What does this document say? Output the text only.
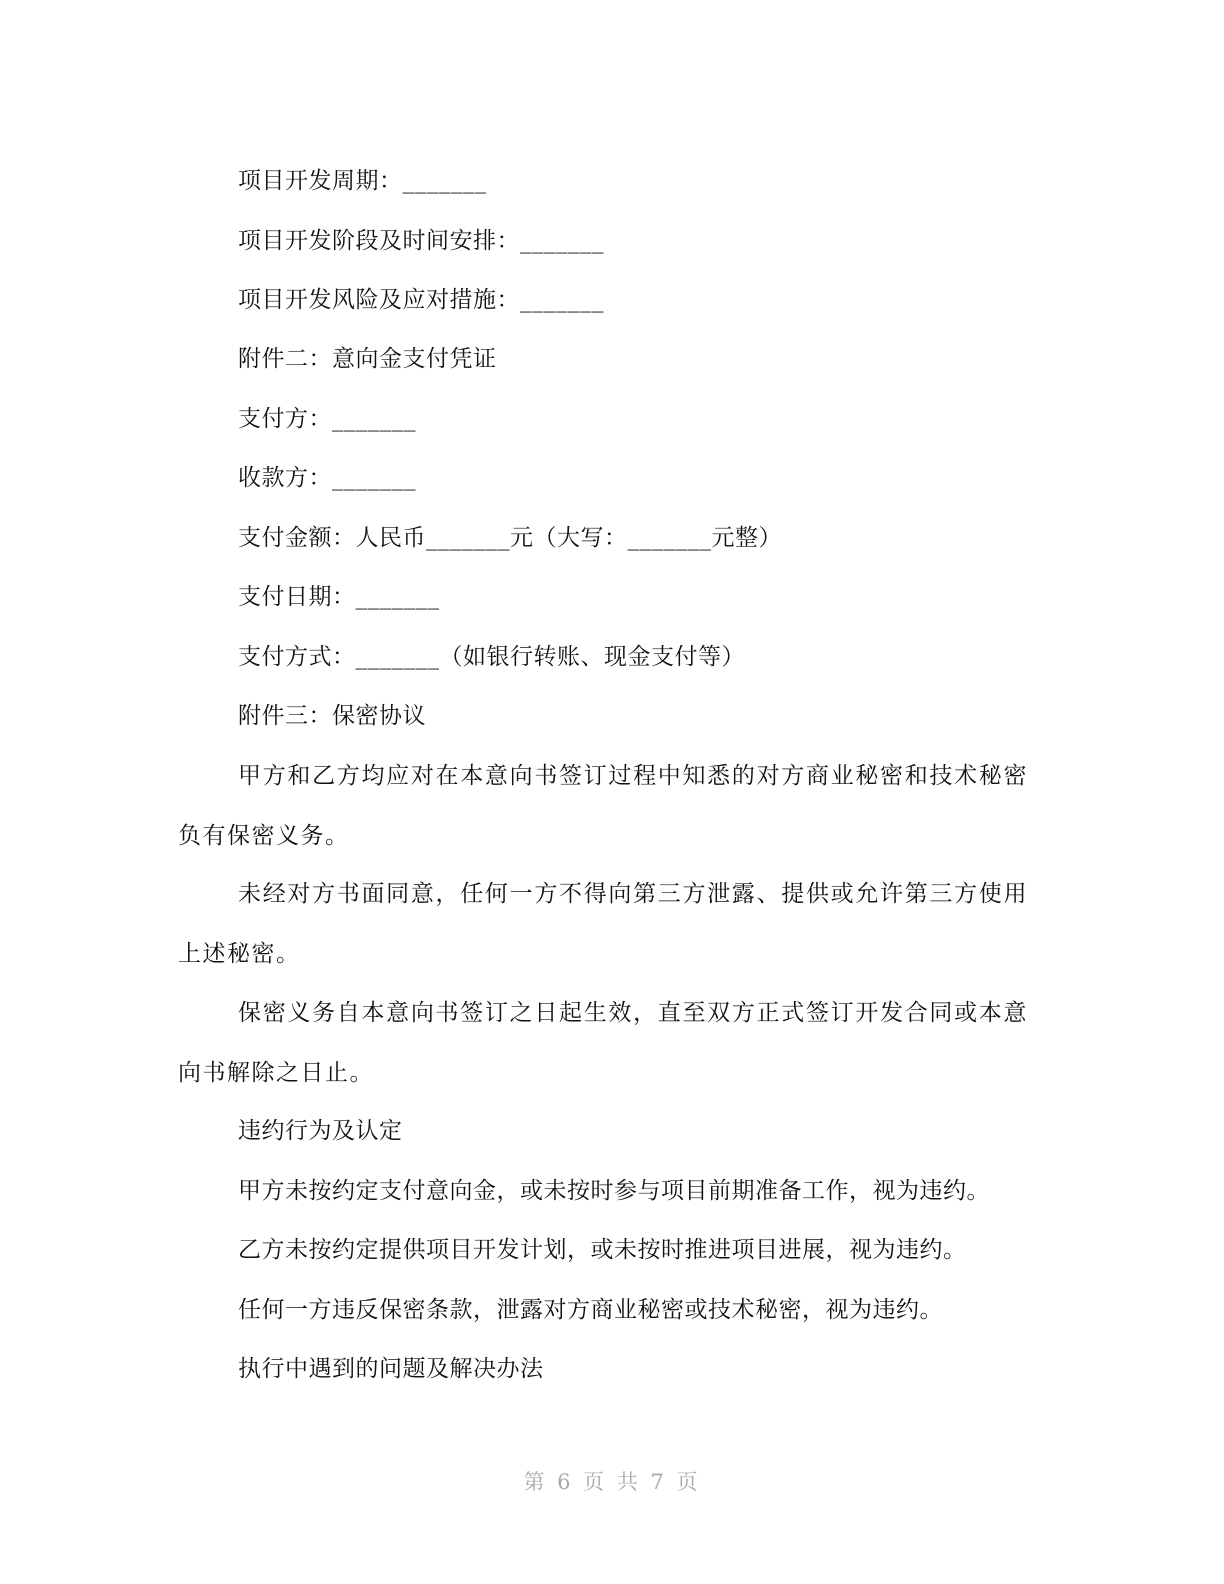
项目开发周期：_______
项目开发阶段及时间安排：_______
项目开发风险及应对措施：_______
附件二：意向金支付凭证
支付方：_______
收款方：_______
支付金额：人民币_______元（大写：_______元整）
支付日期：_______
支付方式：_______（如银行转账、现金支付等）
附件三：保密协议
甲方和乙方均应对在本意向书签订过程中知悉的对方商业秘密和技术秘密负有保密义务。
未经对方书面同意，任何一方不得向第三方泄露、提供或允许第三方使用上述秘密。
保密义务自本意向书签订之日起生效，直至双方正式签订开发合同或本意向书解除之日止。
违约行为及认定
甲方未按约定支付意向金，或未按时参与项目前期准备工作，视为违约。
乙方未按约定提供项目开发计划，或未按时推进项目进展，视为违约。
任何一方违反保密条款，泄露对方商业秘密或技术秘密，视为违约。
执行中遇到的问题及解决办法
第 6 页 共 7 页
